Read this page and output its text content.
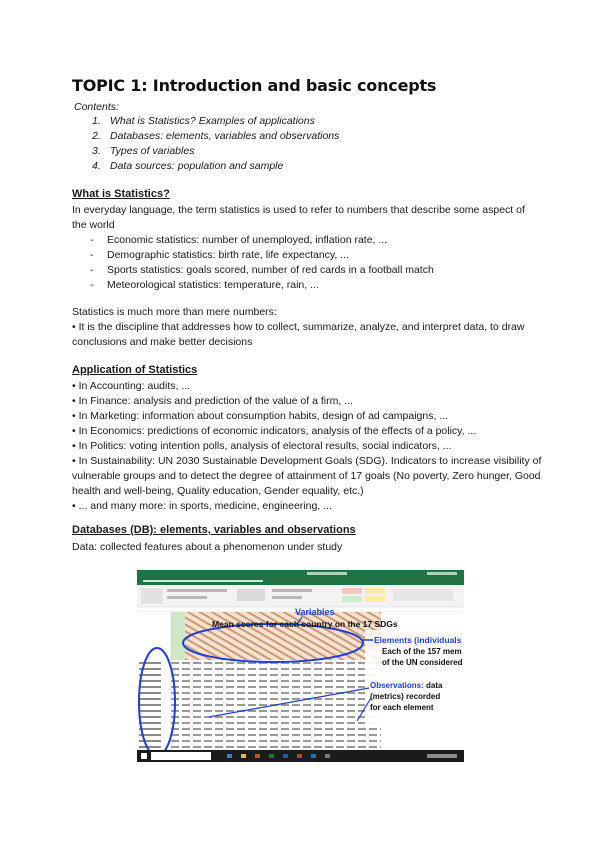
TOPIC 1: Introduction and basic concepts
Contents:
1. What is Statistics? Examples of applications
2. Databases: elements, variables and observations
3. Types of variables
4. Data sources: population and sample
What is Statistics?

In everyday language, the term statistics is used to refer to numbers that describe some aspect of the world

- Economic statistics: number of unemployed, inflation rate, ...
- Demographic statistics: birth rate, life expectancy, ...
- Sports statistics: goals scored, number of red cards in a football match
- Meteorological statistics: temperature, rain, ...

Statistics is much more than mere numbers:

• It is the discipline that addresses how to collect, summarize, analyze, and interpret data, to draw conclusions and make better decisions

Application of Statistics
• In Accounting: audits, ...
• In Finance: analysis and prediction of the value of a firm, ...
• In Marketing: information about consumption habits, design of ad campaigns, ...
• In Economics: predictions of economic indicators, analysis of the effects of a policy, ...
• In Politics: voting intention polls, analysis of electoral results, social indicators, ...
• In Sustainability: UN 2030 Sustainable Development Goals (SDG). Indicators to increase visibility of vulnerable groups and to detect the degree of attainment of 17 goals (No poverty, Zero hunger, Good health and well-being, Quality education, Gender equality, etc.)
• ... and many more: in sports, medicine, engineering, ...
Databases (DB): elements, variables and observations

Data: collected features about a phenomenon under study

Variables
Mean scores for each country on the 17 SDGs
Elements (individuals
Each of the 157 mem
of the UN considered
Observations: data
(metrics) recorded
for each element
